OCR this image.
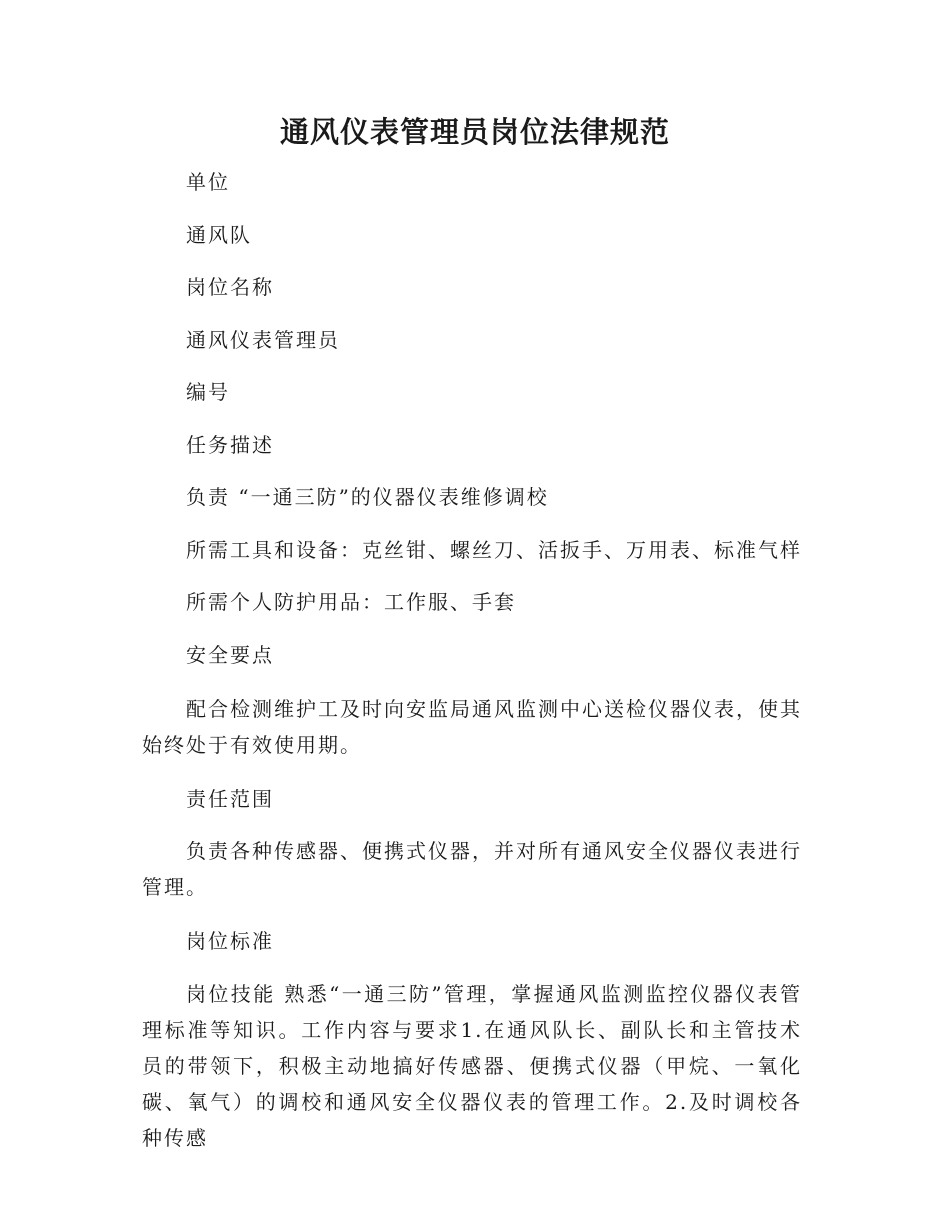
通风仪表管理员岗位法律规范
单位
通风队
岗位名称
通风仪表管理员
编号
任务描述
负责 “一通三防”的仪器仪表维修调校
所需工具和设备：克丝钳、螺丝刀、活扳手、万用表、标准气样
所需个人防护用品：工作服、手套
安全要点
配合检测维护工及时向安监局通风监测中心送检仪器仪表，使其始终处于有效使用期。
责任范围
负责各种传感器、便携式仪器，并对所有通风安全仪器仪表进行管理。
岗位标准
岗位技能 熟悉“一通三防”管理，掌握通风监测监控仪器仪表管理标准等知识。工作内容与要求1.在通风队长、副队长和主管技术员的带领下，积极主动地搞好传感器、便携式仪器（甲烷、一氧化碳、氧气）的调校和通风安全仪器仪表的管理工作。2.及时调校各种传感
